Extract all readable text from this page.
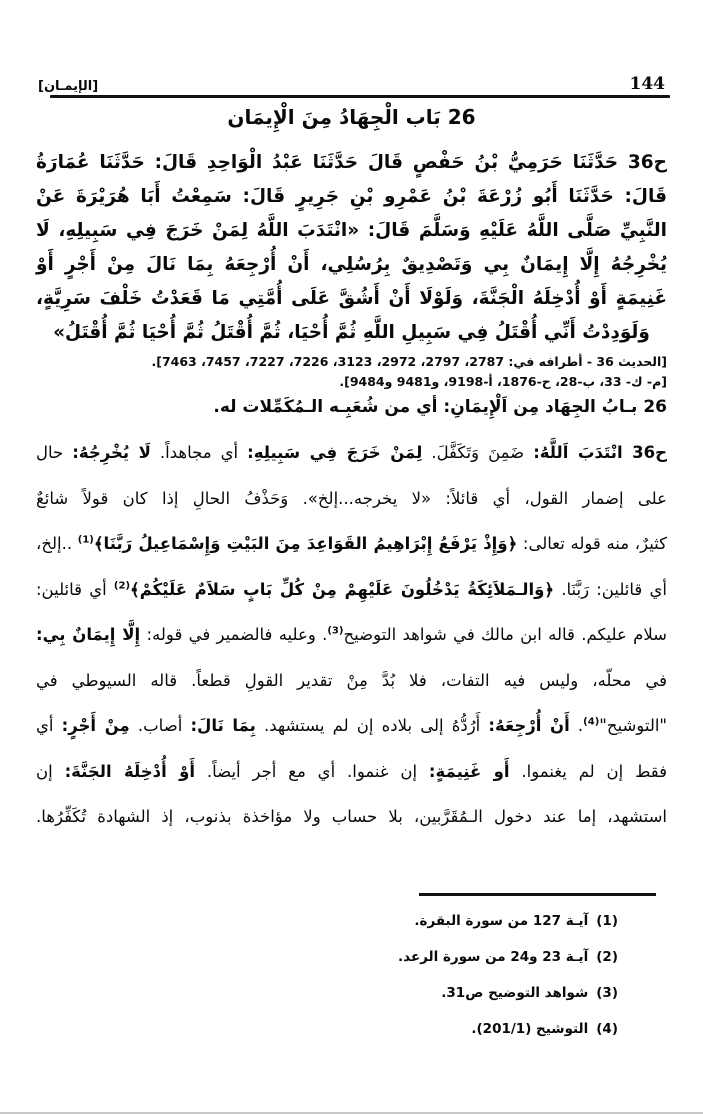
[الإيمـان]	144
26 بَاب الْجِهَادُ مِنَ الْإِيمَان
ح36 حَدَّثَنَا حَرَمِيُّ بْنُ حَفْصٍ قَالَ حَدَّثَنَا عَبْدُ الْوَاحِدِ قَالَ: حَدَّثَنَا عُمَارَةُ
قَالَ: حَدَّثَنَا أَبُو زُرْعَةَ بْنُ عَمْرِو بْنِ جَرِيرٍ قَالَ: سَمِعْتُ أَبَا هُرَيْرَةَ عَنْ
النَّبِيِّ صَلَّى اللَّهُ عَلَيْهِ وَسَلَّمَ قَالَ: «انْتَدَبَ اللَّهُ لِمَنْ خَرَجَ فِي سَبِيلِهِ، لَا
يُخْرِجُهُ إِلَّا إِيمَانٌ بِي وَتَصْدِيقٌ بِرُسُلِي، أَنْ أُرْجِعَهُ بِمَا نَالَ مِنْ أَجْرٍ أَوْ
غَنِيمَةٍ أَوْ أُدْخِلَهُ الْجَنَّةَ، وَلَوْلَا أَنْ أَشُقَّ عَلَى أُمَّتِي مَا قَعَدْتُ خَلْفَ سَرِيَّةٍ،
وَلَوَدِدْتُ أَنِّي أُقْتَلُ فِي سَبِيلِ اللَّهِ ثُمَّ أُحْيَا، ثُمَّ أُقْتَلُ ثُمَّ أُحْيَا ثُمَّ أُقْتَلُ»
[الحديث 36 - أطرافه في: 2787، 2797، 2972، 3123، 7226، 7227، 7457، 7463].
[م- ك- 33، ب-28، ح-1876، أ-9198، و9481 و9484].
26 بـابُ الجِهَاد مِن اَلْإِيمَانِ: أي من شُعَبِـه الـمُكَمِّلات له.
ح36 انْتَدَبَ اَللَّهُ: ضَمِنَ وَتَكَفَّلَ. لِمَنْ خَرَجَ فِي سَبِيلِهِ: أي مجاهداً. لَا يُخْرِجُهُ: حال
على إضمار القول، أي قائلاً: «لا يخرجه...إلخ». وَحَذْفُ الحالِ إذا كان قولاً شائعٌ
كثيرٌ، منه قوله تعالى: ﴿وَإِذْ يَرْفَعُ إِبْرَاهِيمُ القَوَاعِدَ مِنَ البَيْتِ وَإِسْمَاعِيلُ رَبَّنَا﴾$^{(1)}$ ..إلخ،
أي قائلين: رَبَّنَا. ﴿وَالـمَلاَئِكَةُ يَدْخُلُونَ عَلَيْهِمْ مِنْ كُلِّ بَابٍ سَلاَمٌ عَلَيْكُمْ﴾$^{(2)}$ أي قائلين:
سلام عليكم. قاله ابن مالك في شواهد التوضيح$^{(3)}$. وعليه فالضمير في قوله: إِلَّا إِيمَانٌ بِي:
في محلّه، وليس فيه التفات، فلا بُدَّ مِنْ تقدير القولِ قطعاً. قاله السيوطي في
"التوشيح"$^{(4)}$. أَنْ أُرْجِعَهُ: أَرُدُّهُ إلى بلاده إن لم يستشهد. بِمَا نَالَ: أصاب. مِنْ أَجْرٍ: أي
فقط إن لم يغنموا. أَو غَنِيمَةٍ: إن غنموا. أي مع أجر أيضاً. أَوْ أُدْخِلَهُ الجَنَّةَ: إن
استشهد، إما عند دخول الـمُقَرَّبين، بلا حساب ولا مؤاخذة بذنوب، إذ الشهادة تُكَفِّرُها.
(1)آيـة 127 من سورة البقرة.
(2)آيـة 23 و24 من سورة الرعد.
(3)شواهد التوضيح ص31.
(4)التوشيح (201/1).
